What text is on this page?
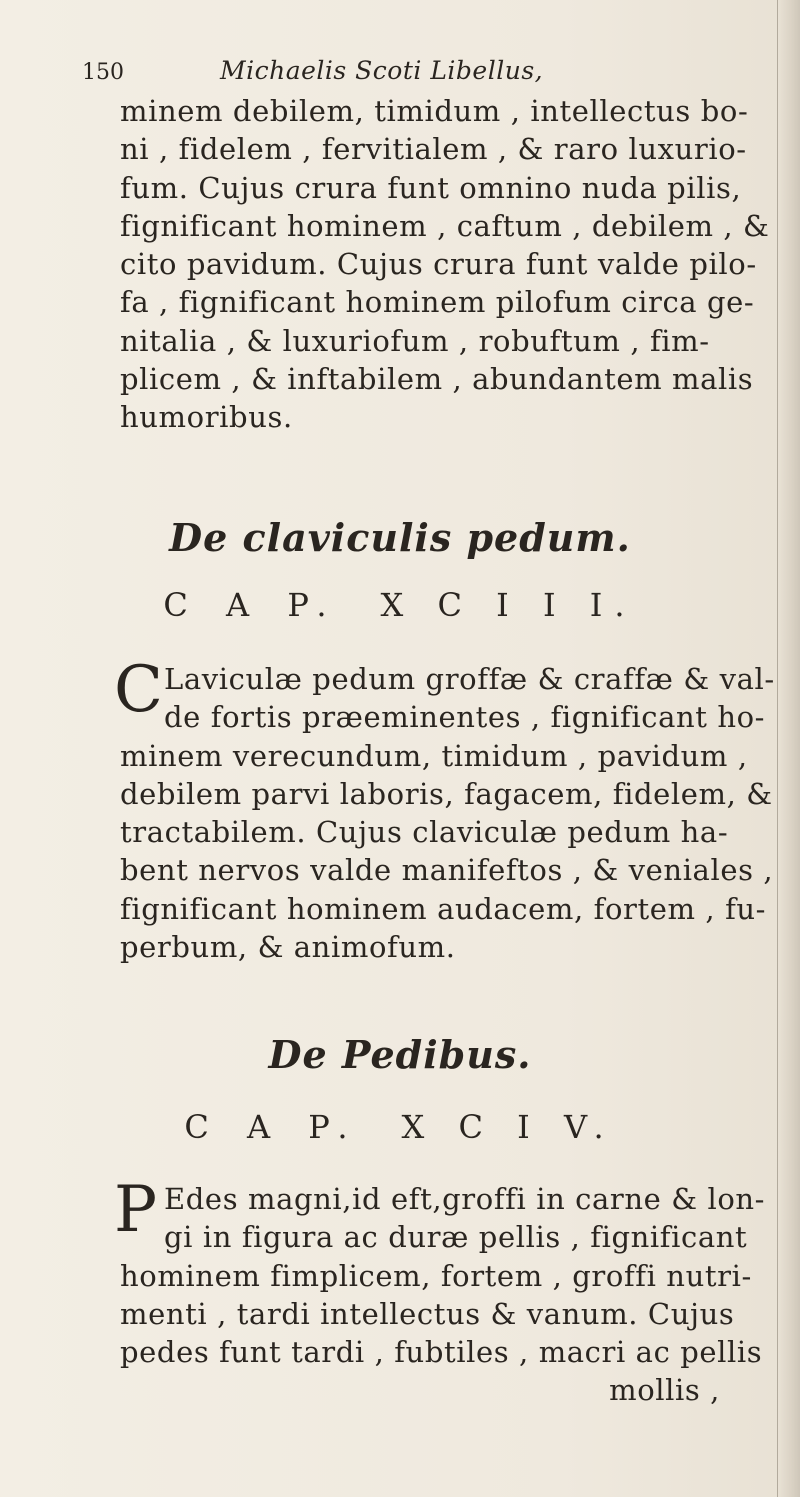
150	Michaelis Scoti Libellus,
minem debilem, timidum , intellectus bo-
ni , fidelem , fervitialem , & raro luxurio-
fum. Cujus crura funt omnino nuda pilis,
fignificant hominem , caftum , debilem , &
cito pavidum. Cujus crura funt valde pilo-
fa , fignificant hominem pilofum circa ge-
nitalia , & luxuriofum , robuftum , fim-
plicem , & inftabilem , abundantem malis
humoribus.
De claviculis pedum.
C A P. X C I I I.
C Laviculæ pedum groffæ & craffæ & val-
de fortis præeminentes , fignificant ho-
minem verecundum, timidum , pavidum ,
debilem parvi laboris, fagacem, fidelem, &
tractabilem. Cujus claviculæ pedum ha-
bent nervos valde manifeftos , & veniales ,
fignificant hominem audacem, fortem , fu-
perbum, & animofum.
De Pedibus.
C A P. X C I V.
P Edes magni,id eft,groffi in carne & lon-
gi in figura ac duræ pellis , fignificant
hominem fimplicem, fortem , groffi nutri-
menti , tardi intellectus & vanum. Cujus
pedes funt tardi , fubtiles , macri ac pellis
mollis ,
